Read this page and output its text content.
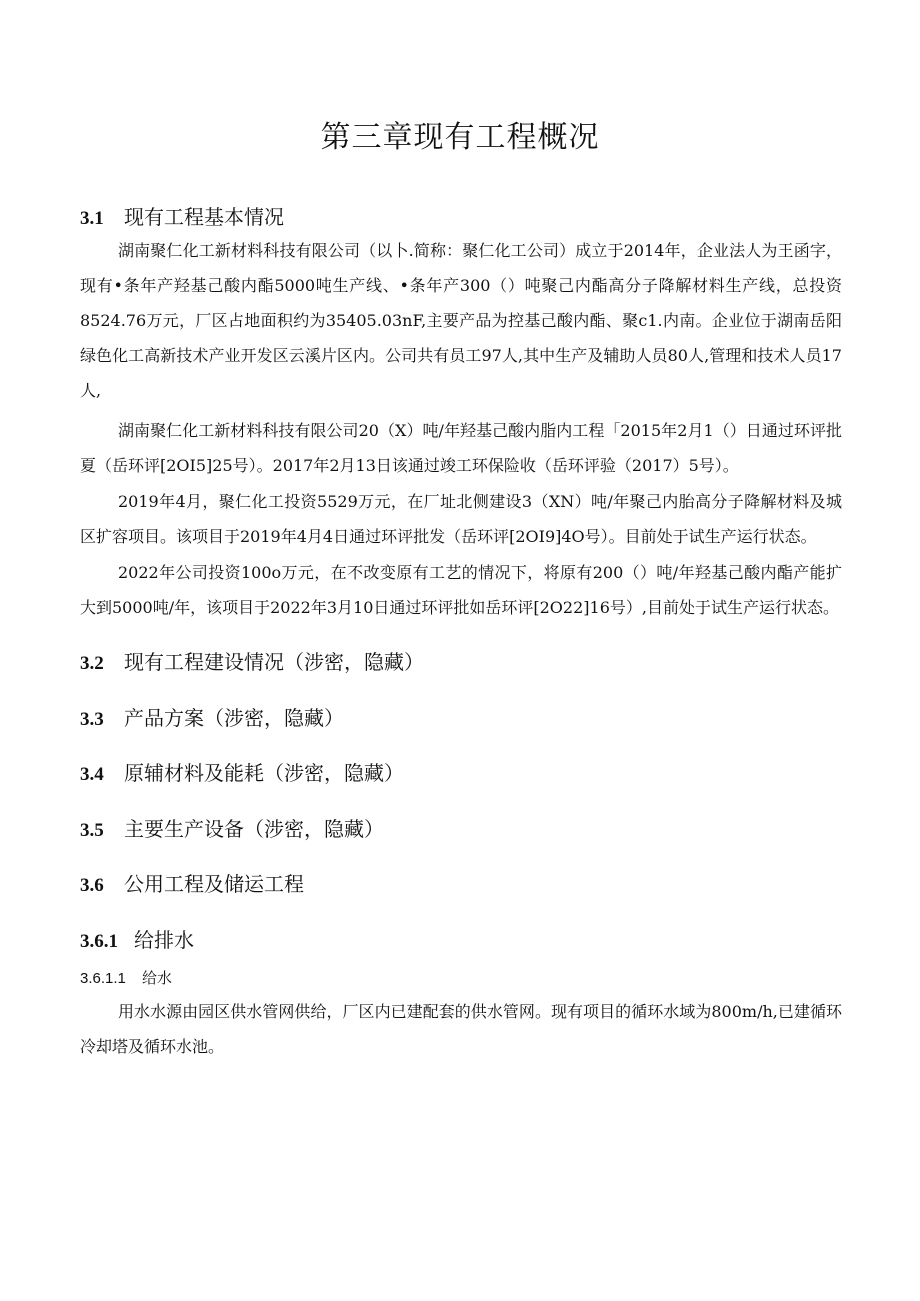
第三章现有工程概况
3.1 现有工程基本情况

湖南聚仁化工新材料科技有限公司（以卜.简称：聚仁化工公司）成立于2014年，企业法人为王函字，现有•条年产羟基己酸内酯5000吨生产线、•条年产300（）吨聚己内酯高分子降解材料生产线，总投资8524.76万元，厂区占地面积约为35405.03nF,主要产品为控基己酸内酯、聚c1.内南。企业位于湖南岳阳绿色化工高新技术产业开发区云溪片区内。公司共有员工97人,其中生产及辅助人员80人,管理和技术人员17人,

湖南聚仁化工新材料科技有限公司20（X）吨/年羟基己酸内脂内工程「2015年2月1（）日通过环评批夏（岳环评[2OI5]25号）。2017年2月13日该通过竣工环保险收（岳环评验（2017）5号）。

2019年4月，聚仁化工投资5529万元，在厂址北侧建设3（XN）吨/年聚己内胎高分子降解材料及城区扩容项目。该项目于2019年4月4日通过环评批发（岳环评[2OI9]4O号）。目前处于试生产运行状态。

2022年公司投资100o万元，在不改变原有工艺的情况下，将原有200（）吨/年羟基己酸内酯产能扩大到5000吨/年，该项目于2022年3月10日通过环评批如岳环评[2O22]16号）,目前处于试生产运行状态。

3.2 现有工程建设情况（涉密，隐藏）
3.3 产品方案（涉密，隐藏）
3.4 原辅材料及能耗（涉密，隐藏）
3.5 主要生产设备（涉密，隐藏）
3.6 公用工程及储运工程
3.6.1 给排水
3.6.1.1 给水

用水水源由园区供水管网供给，厂区内已建配套的供水管网。现有项目的循环水域为800m/h,已建循环冷却塔及循环水池。
